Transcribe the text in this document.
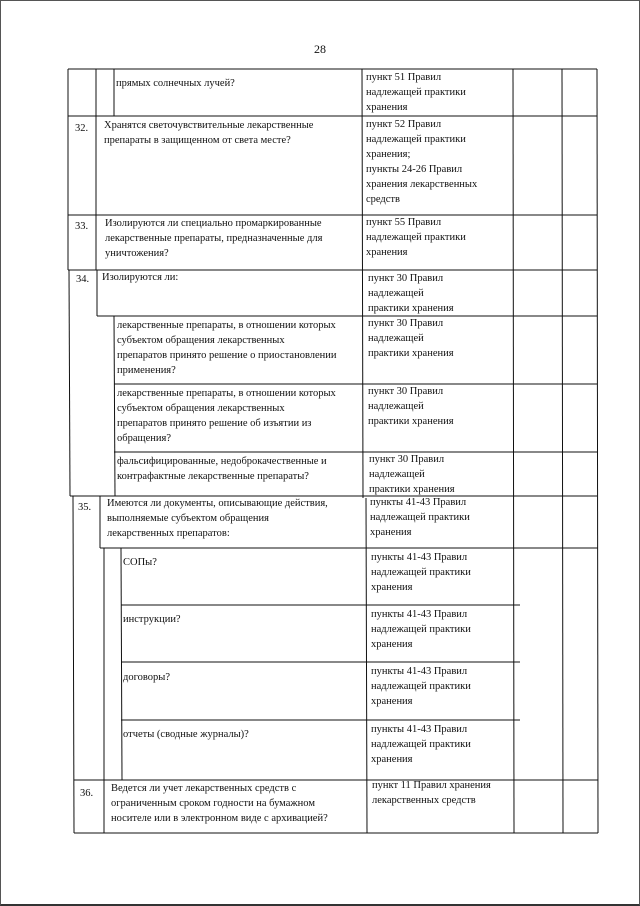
28
прямых солнечных лучей?
пункт 51 Правил
надлежащей практики
хранения
32. Хранятся светочувствительные лекарственные
препараты в защищенном от света месте?
пункт 52 Правил
надлежащей практики
хранения;
пункты 24-26 Правил
хранения лекарственных
средств
33. Изолируются ли специально промаркированные
лекарственные препараты, предназначенные для
уничтожения?
пункт 55 Правил
надлежащей практики
хранения
34. Изолируются ли:	пункт 30 Правил
надлежащей
практики хранения
лекарственные препараты, в отношении которых
субъектом обращения лекарственных
препаратов принято решение о приостановлении
применения?
пункт 30 Правил
надлежащей
практики хранения
лекарственные препараты, в отношении которых
субъектом обращения лекарственных
препаратов принято решение об изъятии из
обращения?
пункт 30 Правил
надлежащей
практики хранения
фальсифицированные, недоброкачественные и
контрафактные лекарственные препараты?
пункт 30 Правил
надлежащей
практики хранения
35. Имеются ли документы, описывающие действия,
выполняемые субъектом обращения
лекарственных препаратов:
пункты 41-43 Правил
надлежащей практики
хранения
СОПы?	пункты 41-43 Правил
надлежащей практики
хранения
инструкции?	пункты 41-43 Правил
надлежащей практики
хранения
договоры?
пункты 41-43 Правил
надлежащей практики
хранения
отчеты (сводные журналы)?	пункты 41-43 Правил
надлежащей практики
хранения
36. Ведется ли учет лекарственных средств с
ограниченным сроком годности на бумажном
носителе или в электронном виде с архивацией?
пункт 11 Правил хранения
лекарственных средств
